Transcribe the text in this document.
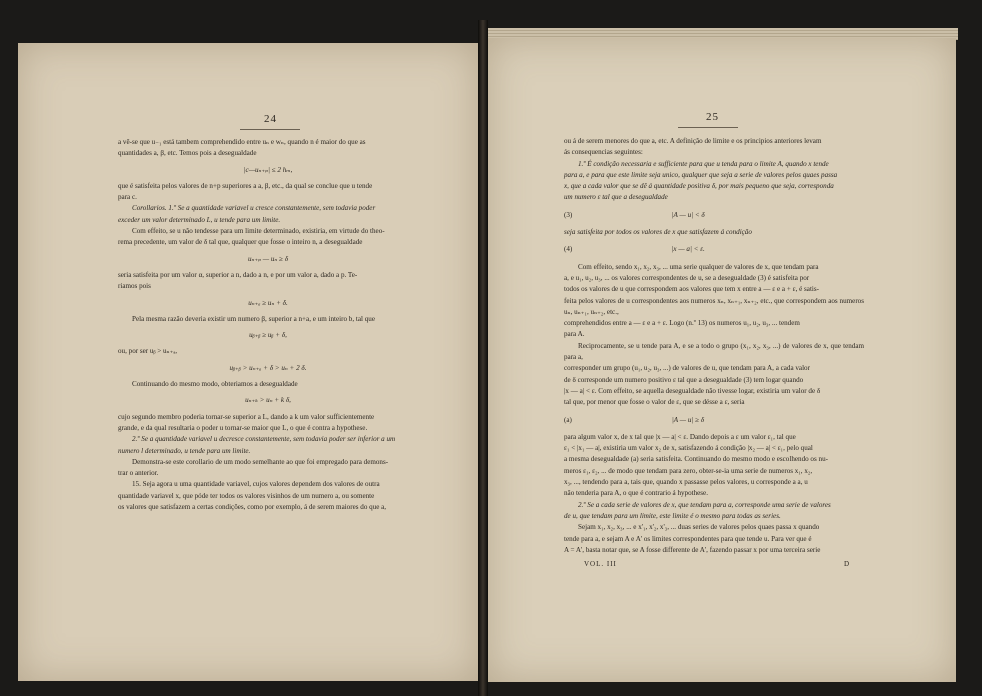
24

a vê-se que u₋₁ está tambem comprehendido entre uₙ e wₙ, quando n é maior do que as

quantidades a, β, etc. Temos pois a desegualdade

|c—uₙ₊ₚ| ≤ 2 hₘ,

que é satisfeita pelos valores de n+p superiores a a, β, etc., da qual se conclue que u tende

para c.

Corollarios. 1.º Se a quantidade variavel u cresce constantemente, sem todavia poder

exceder um valor determinado L, u tende para um limite.

Com effeito, se u não tendesse para um limite determinado, existiria, em virtude do theo-

rema precedente, um valor de δ tal que, qualquer que fosse o inteiro n, a desegualdade

uₙ₊ₚ — uₙ ≥ δ

seria satisfeita por um valor α, superior a n, dado a n, e por um valor a, dado a p. Te-

riamos pois

uₙ₊ₐ ≥ uₙ + δ.

Pela mesma razão deveria existir um numero β, superior a n+a, e um inteiro b, tal que

uᵦ₊ᵦ ≥ uᵦ + δ,

ou, por ser uᵦ > uₙ₊ₐ,

uᵦ₊ᵦ > uₙ₊ₐ + δ > uₙ + 2 δ.

Continuando do mesmo modo, obteriamos a desegualdade

uₙ₊ₖ > uₙ + k δ,

cujo segundo membro poderia tornar-se superior a L, dando a k um valor sufficientemente

grande, e da qual resultaria o poder u tornar-se maior que L, o que é contra a hypothese.

2.º Se a quantidade variavel u decresce constantemente, sem todavia poder ser inferior a um

numero l determinado, u tende para um limite.

Demonstra-se este corollario de um modo semelhante ao que foi empregado para demons-

trar o anterior.

15. Seja agora u uma quantidade variavel, cujos valores dependem dos valores de outra

quantidade variavel x, que póde ter todos os valores visinhos de um numero a, ou somente

os valores que satisfazem a certas condições, como por exemplo, á de serem maiores do que a,

25

ou á de serem menores do que a, etc. A definição de limite e os principios anteriores levam

ás consequencias seguintes:

1.º É condição necessaria e sufficiente para que u tenda para o limite A, quando x tende

para a, e para que este limite seja unico, qualquer que seja a serie de valores pelos quaes passa

x, que a cada valor que se dê á quantidade positiva δ, por mais pequeno que seja, corresponda

um numero ε tal que a desegualdade

(3)	|A — u| < δ

seja satisfeita por todos os valores de x que satisfazem á condição

(4)	|x — a| < ε.

Com effeito, sendo x₁, x₂, x₃, ... uma serie qualquer de valores de x, que tendam para

a, e u₁, u₂, u₃, ... os valores correspondentes de u, se a desegualdade (3) é satisfeita por

todos os valores de u que correspondem aos valores que tem x entre a — ε e a + ε, é satis-

feita pelos valores de u correspondentes aos numeros xₙ, xₙ₊₁, xₙ₊₂, etc., que correspondem aos numeros uₙ, uₙ₊₁, uₙ₊₂, etc.,

comprehendidos entre a — ε e a + ε. Logo (n.º 13) os numeros u₁, u₂, u₃, ... tendem

para A.

Reciprocamente, se u tende para A, e se a todo o grupo (x₁, x₂, x₃, ...) de valores de x, que tendam para a,

corresponder um grupo (u₁, u₂, u₃, ...) de valores de u, que tendam para A, a cada valor

de δ corresponde um numero positivo ε tal que a desegualdade (3) tem logar quando

|x — a| < ε. Com effeito, se aquella desegualdade não tivesse logar, existiria um valor de δ

tal que, por menor que fosse o valor de ε, que se désse a ε, seria

(a)	|A — u| ≥ δ

para algum valor x, de x tal que |x — a| < ε. Dando depois a ε um valor ε₁, tal que

ε₁ < |x₁ — a|, existiria um valor x₂ de x, satisfazendo á condição |x₂ — a| < ε₁, pelo qual

a mesma desegualdade (a) seria satisfeita. Continuando do mesmo modo e escolhendo os nu-

meros ε₁, ε₂, ... de modo que tendam para zero, obter-se-ia uma serie de numeros x₁, x₂,

x₃, ..., tendendo para a, tais que, quando x passasse pelos valores, u corresponde a a, u

não tenderia para A, o que é contrario á hypothese.

2.º Se a cada serie de valores de x, que tendam para a, corresponde uma serie de valores

de u, que tendam para um limite, este limite é o mesmo para todas as series.

Sejam x₁, x₂, x₃, ... e x'₁, x'₂, x'₃, ... duas series de valores pelos quaes passa x quando

tende para a, e sejam A e A' os limites correspondentes para que tende u. Para ver que é

A = A', basta notar que, se A fosse differente de A', fazendo passar x por uma terceira serie

VOL. III	D
